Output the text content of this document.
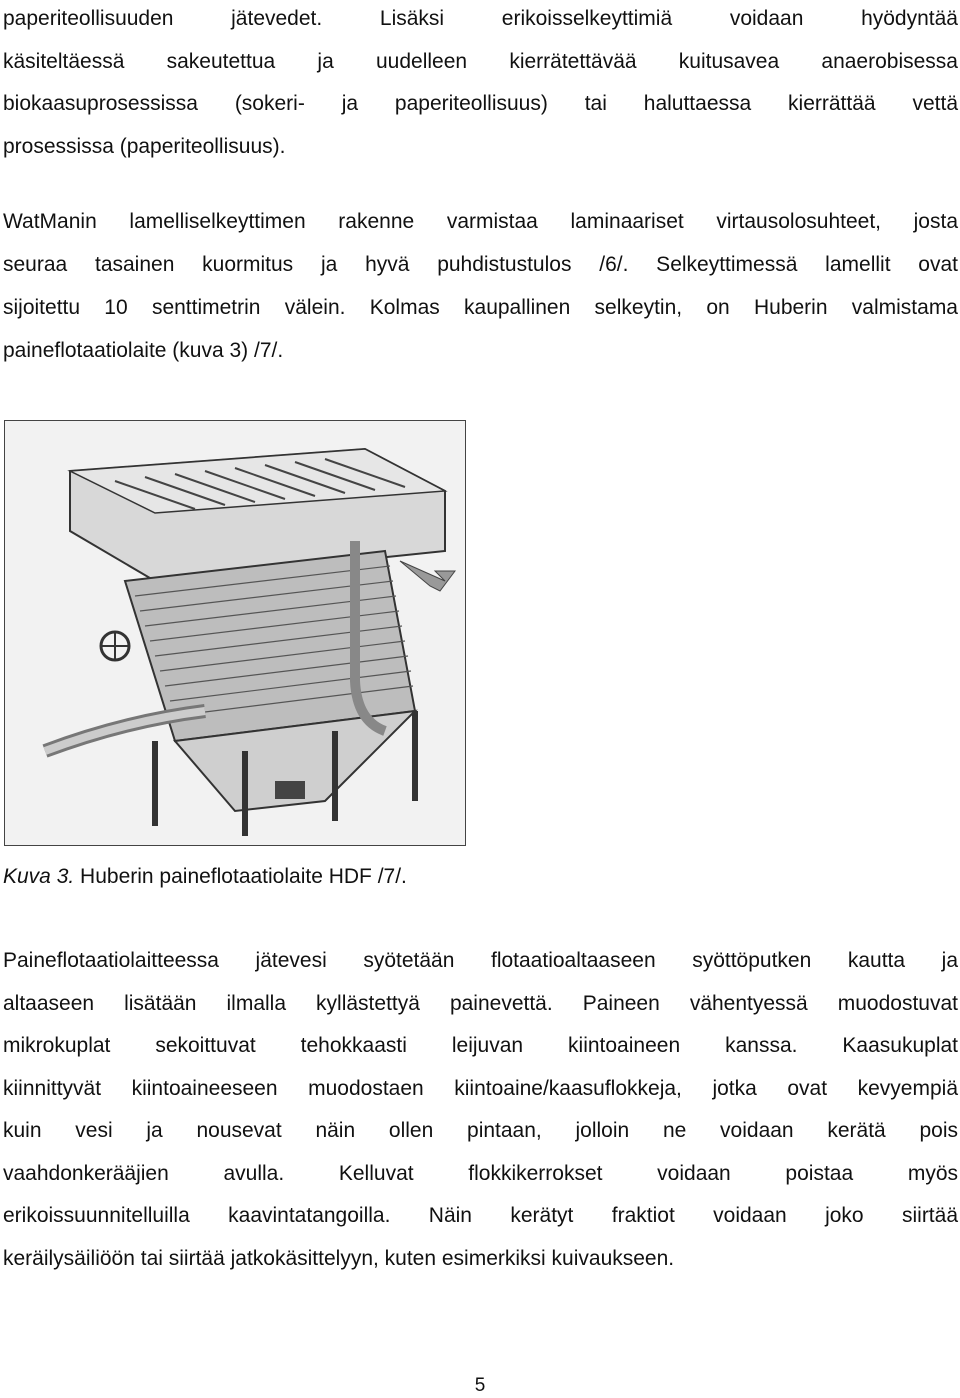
paperiteollisuuden jätevedet. Lisäksi erikoisselkeyttimiä voidaan hyödyntää
käsiteltäessä sakeutettua ja uudelleen kierrätettävää kuitusavea anaerobisessa
biokaasuprosessissa (sokeri- ja paperiteollisuus) tai haluttaessa kierrättää vettä
prosessissa (paperiteollisuus).
WatManin lamelliselkeyttimen rakenne varmistaa laminaariset virtausolosuhteet, josta
seuraa tasainen kuormitus ja hyvä puhdistustulos /6/. Selkeyttimessä lamellit ovat
sijoitettu 10 senttimetrin välein. Kolmas kaupallinen selkeytin, on Huberin valmistama
paineflotaatiolaite (kuva 3) /7/.
Kuva 3. Huberin paineflotaatiolaite HDF /7/.
Paineflotaatiolaitteessa jätevesi syötetään flotaatioaltaaseen syöttöputken kautta ja
altaaseen lisätään ilmalla kyllästettyä painevettä. Paineen vähentyessä muodostuvat
mikrokuplat sekoittuvat tehokkaasti leijuvan kiintoaineen kanssa. Kaasukuplat
kiinnittyvät kiintoaineeseen muodostaen kiintoaine/kaasuflokkeja, jotka ovat kevyempiä
kuin vesi ja nousevat näin ollen pintaan, jolloin ne voidaan kerätä pois
vaahdonkerääjien avulla. Kelluvat flokkikerrokset voidaan poistaa myös
erikoissuunnitelluilla kaavintatangoilla. Näin kerätyt fraktiot voidaan joko siirtää
keräilysäiliöön tai siirtää jatkokäsittelyyn, kuten esimerkiksi kuivaukseen.
5
